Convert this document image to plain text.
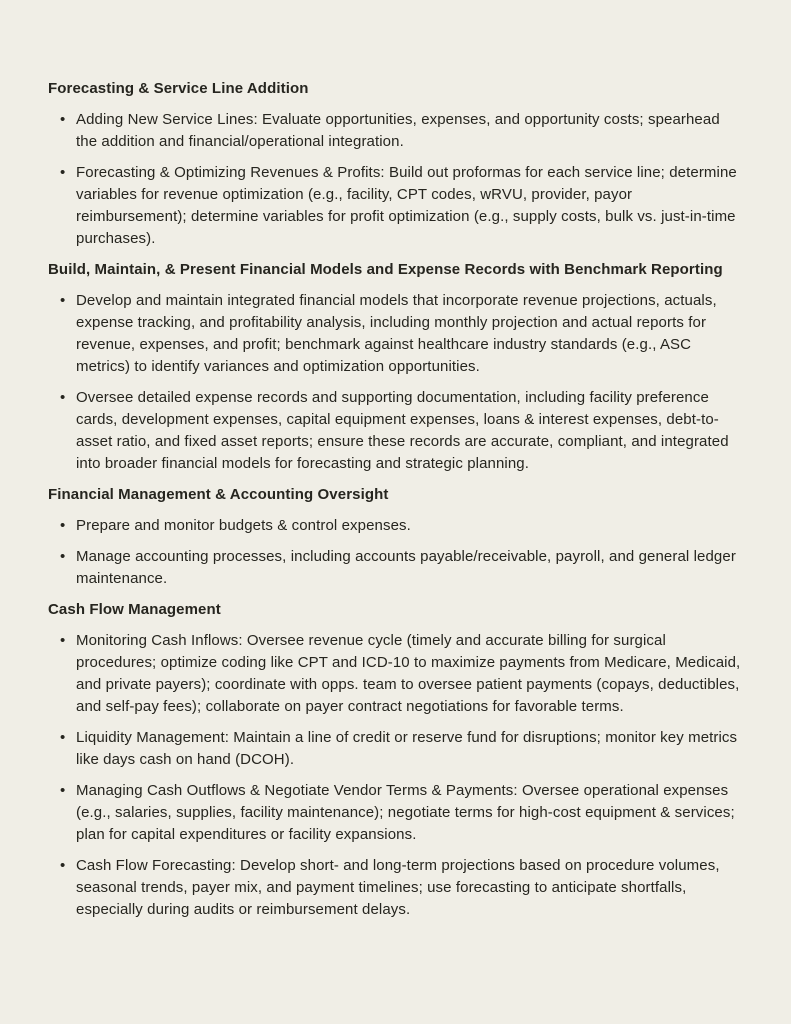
Forecasting & Service Line Addition
• Adding New Service Lines: Evaluate opportunities, expenses, and opportunity costs; spearhead the addition and financial/operational integration.
• Forecasting & Optimizing Revenues & Profits: Build out proformas for each service line; determine variables for revenue optimization (e.g., facility, CPT codes, wRVU, provider, payor reimbursement); determine variables for profit optimization (e.g., supply costs, bulk vs. just-in-time purchases).
Build, Maintain, & Present Financial Models and Expense Records with Benchmark Reporting
• Develop and maintain integrated financial models that incorporate revenue projections, actuals, expense tracking, and profitability analysis, including monthly projection and actual reports for revenue, expenses, and profit; benchmark against healthcare industry standards (e.g., ASC metrics) to identify variances and optimization opportunities.
• Oversee detailed expense records and supporting documentation, including facility preference cards, development expenses, capital equipment expenses, loans & interest expenses, debt-to-asset ratio, and fixed asset reports; ensure these records are accurate, compliant, and integrated into broader financial models for forecasting and strategic planning.
Financial Management & Accounting Oversight
• Prepare and monitor budgets & control expenses.
• Manage accounting processes, including accounts payable/receivable, payroll, and general ledger maintenance.
Cash Flow Management
• Monitoring Cash Inflows: Oversee revenue cycle (timely and accurate billing for surgical procedures; optimize coding like CPT and ICD-10 to maximize payments from Medicare, Medicaid, and private payers); coordinate with opps. team to oversee patient payments (copays, deductibles, and self-pay fees); collaborate on payer contract negotiations for favorable terms.
• Liquidity Management: Maintain a line of credit or reserve fund for disruptions; monitor key metrics like days cash on hand (DCOH).
• Managing Cash Outflows & Negotiate Vendor Terms & Payments: Oversee operational expenses (e.g., salaries, supplies, facility maintenance); negotiate terms for high-cost equipment & services; plan for capital expenditures or facility expansions.
• Cash Flow Forecasting: Develop short- and long-term projections based on procedure volumes, seasonal trends, payer mix, and payment timelines; use forecasting to anticipate shortfalls, especially during audits or reimbursement delays.
